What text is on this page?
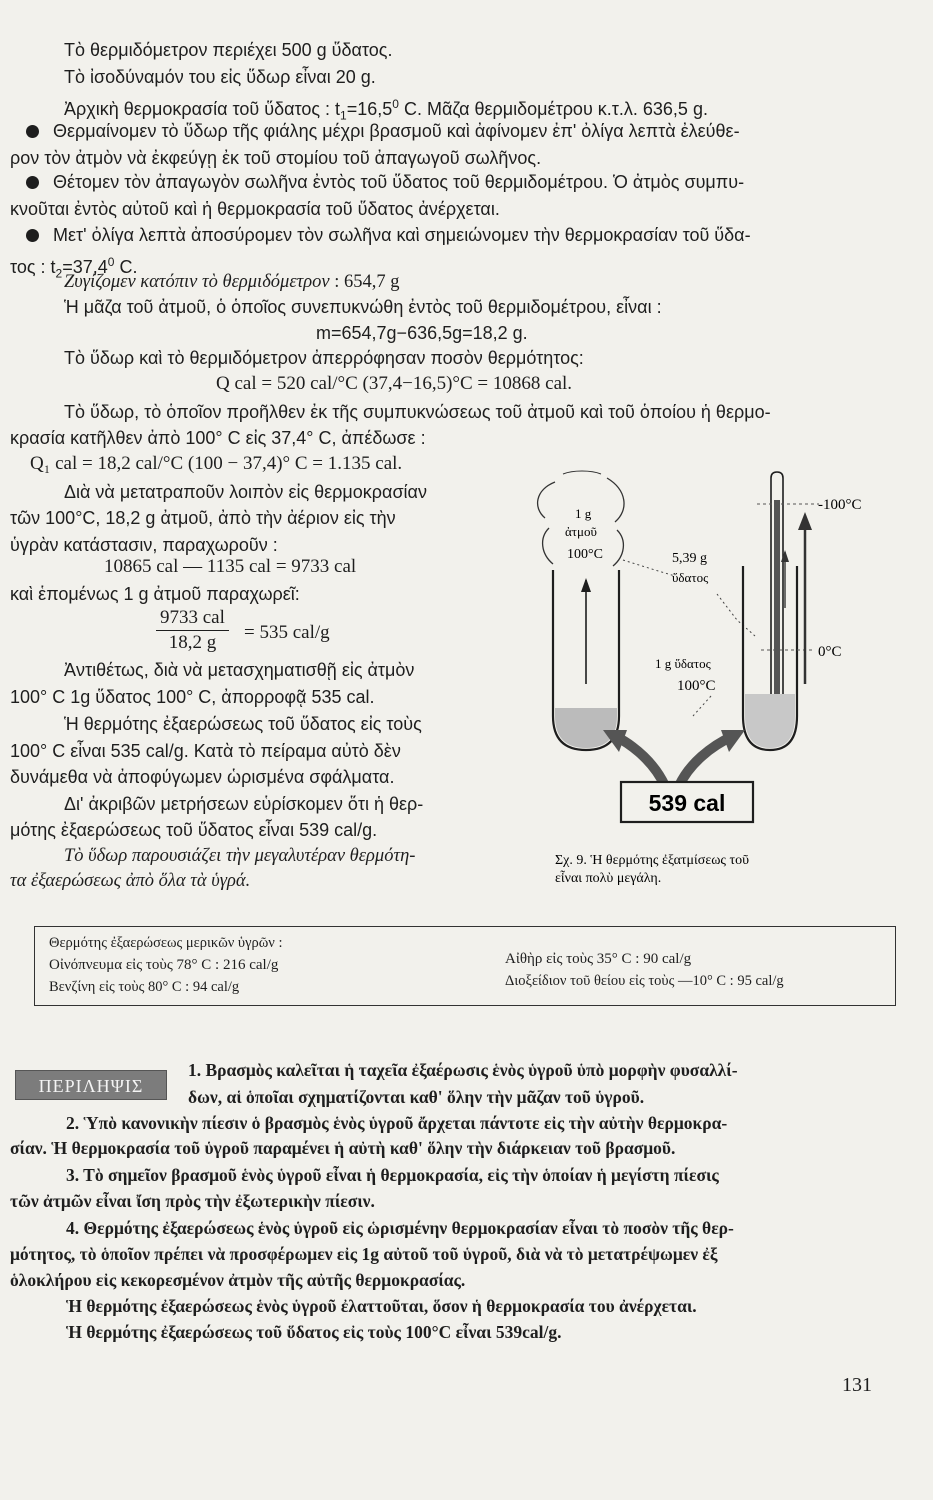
Τὸ θερμιδόμετρον περιέχει 500 g ὕδατος.
Τὸ ἰσοδύναμόν του εἰς ὕδωρ εἶναι 20 g.
Ἀρχικὴ θερμοκρασία τοῦ ὕδατος : $t_1=16,5^0$ C. Μᾶζα θερμιδομέτρου κ.τ.λ. 636,5 g.
Θερμαίνομεν τὸ ὕδωρ τῆς φιάλης μέχρι βρασμοῦ καὶ ἀφίνομεν ἐπ' ὀλίγα λεπτὰ ἐλεύθε-
ρον τὸν ἀτμὸν νὰ ἐκφεύγῃ ἐκ τοῦ στομίου τοῦ ἀπαγωγοῦ σωλῆνος.
Θέτομεν τὸν ἀπαγωγὸν σωλῆνα ἐντὸς τοῦ ὕδατος τοῦ θερμιδομέτρου. Ὁ ἀτμὸς συμπυ-
κνοῦται ἐντὸς αὐτοῦ καὶ ἡ θερμοκρασία τοῦ ὕδατος ἀνέρχεται.
Μετ' ὀλίγα λεπτὰ ἀποσύρομεν τὸν σωλῆνα καὶ σημειώνομεν τὴν θερμοκρασίαν τοῦ ὕδα-
τος : $t_2=37,4^0$ C.
Ζυγίζομεν κατόπιν τὸ θερμιδόμετρον : 654,7 g
Ἡ μᾶζα τοῦ ἀτμοῦ, ὁ ὁποῖος συνεπυκνώθη ἐντὸς τοῦ θερμιδομέτρου, εἶναι :
m=654,7g−636,5g=18,2 g.
Τὸ ὕδωρ καὶ τὸ θερμιδόμετρον ἀπερρόφησαν ποσὸν θερμότητος:
Q cal = 520 cal/°C (37,4−16,5)°C = 10868 cal.
Τὸ ὕδωρ, τὸ ὁποῖον προῆλθεν ἐκ τῆς συμπυκνώσεως τοῦ ἀτμοῦ καὶ τοῦ ὁποίου ἡ θερμο-
κρασία κατῆλθεν ἀπὸ 100° C εἰς 37,4° C, ἀπέδωσε :
Q₁ cal = 18,2 cal/°C (100 − 37,4)° C = 1.135 cal.
Διὰ νὰ μετατραποῦν λοιπὸν εἰς θερμοκρασίαν
τῶν 100°C, 18,2 g ἀτμοῦ, ἀπὸ τὴν ἀέριον εἰς τὴν
ὑγρὰν κατάστασιν, παραχωροῦν :
10865 cal — 1135 cal = 9733 cal
καὶ ἑπομένως 1 g ἀτμοῦ παραχωρεῖ:
9733 cal
18,2 g	= 535 cal/g
Ἀντιθέτως, διὰ νὰ μετασχηματισθῇ εἰς ἀτμὸν
100° C 1g ὕδατος 100° C, ἀπορροφᾷ 535 cal.
Ἡ θερμότης ἐξαερώσεως τοῦ ὕδατος εἰς τοὺς
100° C εἶναι 535 cal/g. Κατὰ τὸ πείραμα αὐτὸ δὲν
δυνάμεθα νὰ ἀποφύγωμεν ὡρισμένα σφάλματα.
Δι' ἀκριβῶν μετρήσεων εὑρίσκομεν ὅτι ἡ θερ-
μότης ἐξαερώσεως τοῦ ὕδατος εἶναι 539 cal/g.
Τὸ ὕδωρ παρουσιάζει τὴν μεγαλυτέραν θερμότη-
τα ἐξαερώσεως ἀπὸ ὅλα τὰ ὑγρά.
1 g
ἀτμοῦ
100°C	5,39 g
ὕδατος
-100°C
0°C
1 g ὕδατος
100°C
539 cal
Σχ. 9. Ἡ θερμότης ἐξατμίσεως τοῦ
εἶναι πολὺ μεγάλη.
Θερμότης ἐξαερώσεως μερικῶν ὑγρῶν :
Οἰνόπνευμα εἰς τοὺς 78° C : 216 cal/g
Βενζίνη εἰς τοὺς 80° C : 94 cal/g
Αἰθὴρ εἰς τοὺς 35° C : 90 cal/g
Διοξείδιον τοῦ θείου εἰς τοὺς —10° C : 95 cal/g
ΠΕΡΙΛΗΨΙΣ
1. Βρασμὸς καλεῖται ἡ ταχεῖα ἐξαέρωσις ἑνὸς ὑγροῦ ὑπὸ μορφὴν φυσαλλί-
δων, αἱ ὁποῖαι σχηματίζονται καθ' ὅλην τὴν μᾶζαν τοῦ ὑγροῦ.
2. Ὑπὸ κανονικὴν πίεσιν ὁ βρασμὸς ἑνὸς ὑγροῦ ἄρχεται πάντοτε εἰς τὴν αὐτὴν θερμοκρα-
σίαν. Ἡ θερμοκρασία τοῦ ὑγροῦ παραμένει ἡ αὐτὴ καθ' ὅλην τὴν διάρκειαν τοῦ βρασμοῦ.
3. Τὸ σημεῖον βρασμοῦ ἑνὸς ὑγροῦ εἶναι ἡ θερμοκρασία, εἰς τὴν ὁποίαν ἡ μεγίστη πίεσις
τῶν ἀτμῶν εἶναι ἴση πρὸς τὴν ἐξωτερικὴν πίεσιν.
4. Θερμότης ἐξαερώσεως ἑνὸς ὑγροῦ εἰς ὡρισμένην θερμοκρασίαν εἶναι τὸ ποσὸν τῆς θερ-
μότητος, τὸ ὁποῖον πρέπει νὰ προσφέρωμεν εἰς 1g αὐτοῦ τοῦ ὑγροῦ, διὰ νὰ τὸ μετατρέψωμεν ἐξ
ὁλοκλήρου εἰς κεκορεσμένον ἀτμὸν τῆς αὐτῆς θερμοκρασίας.
Ἡ θερμότης ἐξαερώσεως ἑνὸς ὑγροῦ ἐλαττοῦται, ὅσον ἡ θερμοκρασία του ἀνέρχεται.
Ἡ θερμότης ἐξαερώσεως τοῦ ὕδατος εἰς τοὺς 100°C εἶναι 539cal/g.
131
